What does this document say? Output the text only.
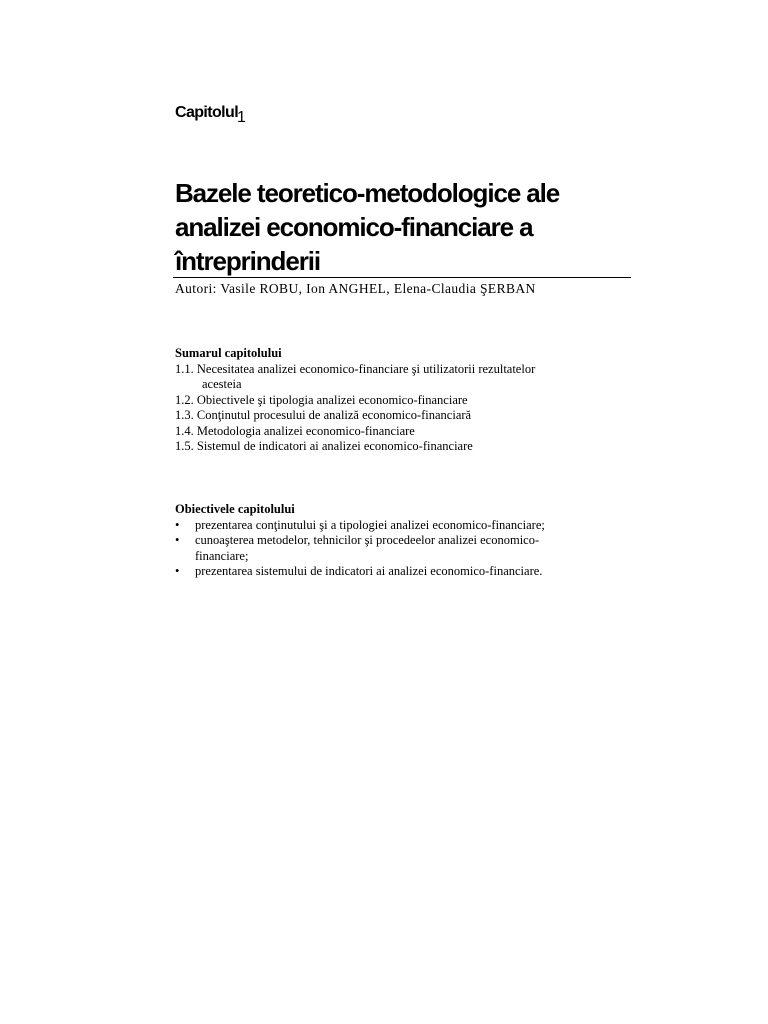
Capitolul
1
Bazele teoretico-metodologice ale
analizei economico-financiare a
întreprinderii
Autori: Vasile ROBU, Ion ANGHEL, Elena-Claudia ŞERBAN
Sumarul capitolului
1.1. Necesitatea analizei economico-financiare şi utilizatorii rezultatelor
acesteia
1.2. Obiectivele şi tipologia analizei economico-financiare
1.3. Conţinutul procesului de analiză economico-financiară
1.4. Metodologia analizei economico-financiare
1.5. Sistemul de indicatori ai analizei economico-financiare
Obiectivele capitolului
•	prezentarea conţinutului şi a tipologiei analizei economico-financiare;
•	cunoaşterea metodelor, tehnicilor şi procedeelor analizei economico-
financiare;
•	prezentarea sistemului de indicatori ai analizei economico-financiare.
